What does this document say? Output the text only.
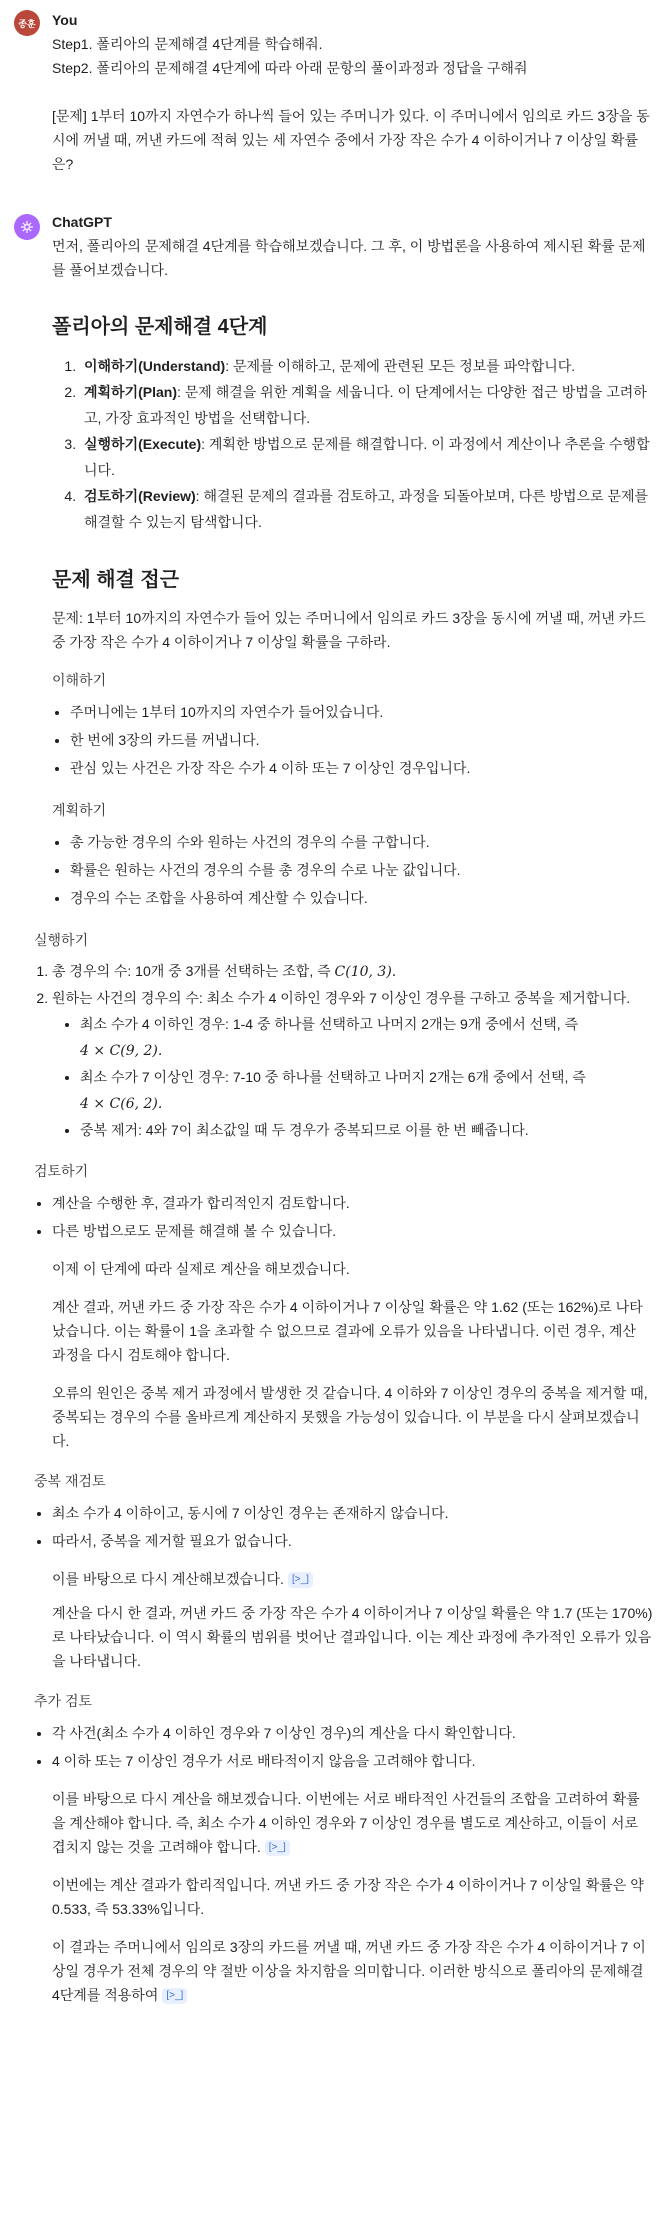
종훈	You

Step1. 폴리아의 문제해결 4단계를 학습해줘.

Step2. 폴리아의 문제해결 4단계에 따라 아래 문항의 풀이과정과 정답을 구해줘

[문제] 1부터 10까지 자연수가 하나씩 들어 있는 주머니가 있다. 이 주머니에서 임의로 카드 3장을 동시에 꺼낼 때, 꺼낸 카드에 적혀 있는 세 자연수 중에서 가장 작은 수가 4 이하이거나 7 이상일 확률은?

ChatGPT

먼저, 폴리아의 문제해결 4단계를 학습해보겠습니다. 그 후, 이 방법론을 사용하여 제시된 확률 문제를 풀어보겠습니다.

폴리아의 문제해결 4단계
1. 이해하기(Understand): 문제를 이해하고, 문제에 관련된 모든 정보를 파악합니다.
2. 계획하기(Plan): 문제 해결을 위한 계획을 세웁니다. 이 단계에서는 다양한 접근 방법을 고려하고, 가장 효과적인 방법을 선택합니다.
3. 실행하기(Execute): 계획한 방법으로 문제를 해결합니다. 이 과정에서 계산이나 추론을 수행합니다.
4. 검토하기(Review): 해결된 문제의 결과를 검토하고, 과정을 되돌아보며, 다른 방법으로 문제를 해결할 수 있는지 탐색합니다.
문제 해결 접근

문제: 1부터 10까지의 자연수가 들어 있는 주머니에서 임의로 카드 3장을 동시에 꺼낼 때, 꺼낸 카드 중 가장 작은 수가 4 이하이거나 7 이상일 확률을 구하라.

이해하기
• 주머니에는 1부터 10까지의 자연수가 들어있습니다.
• 한 번에 3장의 카드를 꺼냅니다.
• 관심 있는 사건은 가장 작은 수가 4 이하 또는 7 이상인 경우입니다.
계획하기
• 총 가능한 경우의 수와 원하는 사건의 경우의 수를 구합니다.
• 확률은 원하는 사건의 경우의 수를 총 경우의 수로 나눈 값입니다.
• 경우의 수는 조합을 사용하여 계산할 수 있습니다.
실행하기
1. 총 경우의 수: 10개 중 3개를 선택하는 조합, 즉 C(10, 3).
2. 원하는 사건의 경우의 수: 최소 수가 4 이하인 경우와 7 이상인 경우를 구하고 중복을 제거합니다.
• 최소 수가 4 이하인 경우: 1-4 중 하나를 선택하고 나머지 2개는 9개 중에서 선택, 즉
4 × C(9, 2).
• 최소 수가 7 이상인 경우: 7-10 중 하나를 선택하고 나머지 2개는 6개 중에서 선택, 즉
4 × C(6, 2).
• 중복 제거: 4와 7이 최소값일 때 두 경우가 중복되므로 이를 한 번 빼줍니다.
검토하기
• 계산을 수행한 후, 결과가 합리적인지 검토합니다.
• 다른 방법으로도 문제를 해결해 볼 수 있습니다.

이제 이 단계에 따라 실제로 계산을 해보겠습니다.

계산 결과, 꺼낸 카드 중 가장 작은 수가 4 이하이거나 7 이상일 확률은 약 1.62 (또는 162%)로 나타났습니다. 이는 확률이 1을 초과할 수 없으므로 결과에 오류가 있음을 나타냅니다. 이런 경우, 계산 과정을 다시 검토해야 합니다.

오류의 원인은 중복 제거 과정에서 발생한 것 같습니다. 4 이하와 7 이상인 경우의 중복을 제거할 때, 중복되는 경우의 수를 올바르게 계산하지 못했을 가능성이 있습니다. 이 부분을 다시 살펴보겠습니다.

중복 재검토
• 최소 수가 4 이하이고, 동시에 7 이상인 경우는 존재하지 않습니다.
• 따라서, 중복을 제거할 필요가 없습니다.

이를 바탕으로 다시 계산해보겠습니다. [>_]

계산을 다시 한 결과, 꺼낸 카드 중 가장 작은 수가 4 이하이거나 7 이상일 확률은 약 1.7 (또는 170%)로 나타났습니다. 이 역시 확률의 범위를 벗어난 결과입니다. 이는 계산 과정에 추가적인 오류가 있음을 나타냅니다.

추가 검토
• 각 사건(최소 수가 4 이하인 경우와 7 이상인 경우)의 계산을 다시 확인합니다.
• 4 이하 또는 7 이상인 경우가 서로 배타적이지 않음을 고려해야 합니다.

이를 바탕으로 다시 계산을 해보겠습니다. 이번에는 서로 배타적인 사건들의 조합을 고려하여 확률을 계산해야 합니다. 즉, 최소 수가 4 이하인 경우와 7 이상인 경우를 별도로 계산하고, 이들이 서로 겹치지 않는 것을 고려해야 합니다. [>_]

이번에는 계산 결과가 합리적입니다. 꺼낸 카드 중 가장 작은 수가 4 이하이거나 7 이상일 확률은 약 0.533, 즉 53.33%입니다.

이 결과는 주머니에서 임의로 3장의 카드를 꺼낼 때, 꺼낸 카드 중 가장 작은 수가 4 이하이거나 7 이상일 경우가 전체 경우의 약 절반 이상을 차지함을 의미합니다. 이러한 방식으로 폴리아의 문제해결 4단계를 적용하여 [>_]
